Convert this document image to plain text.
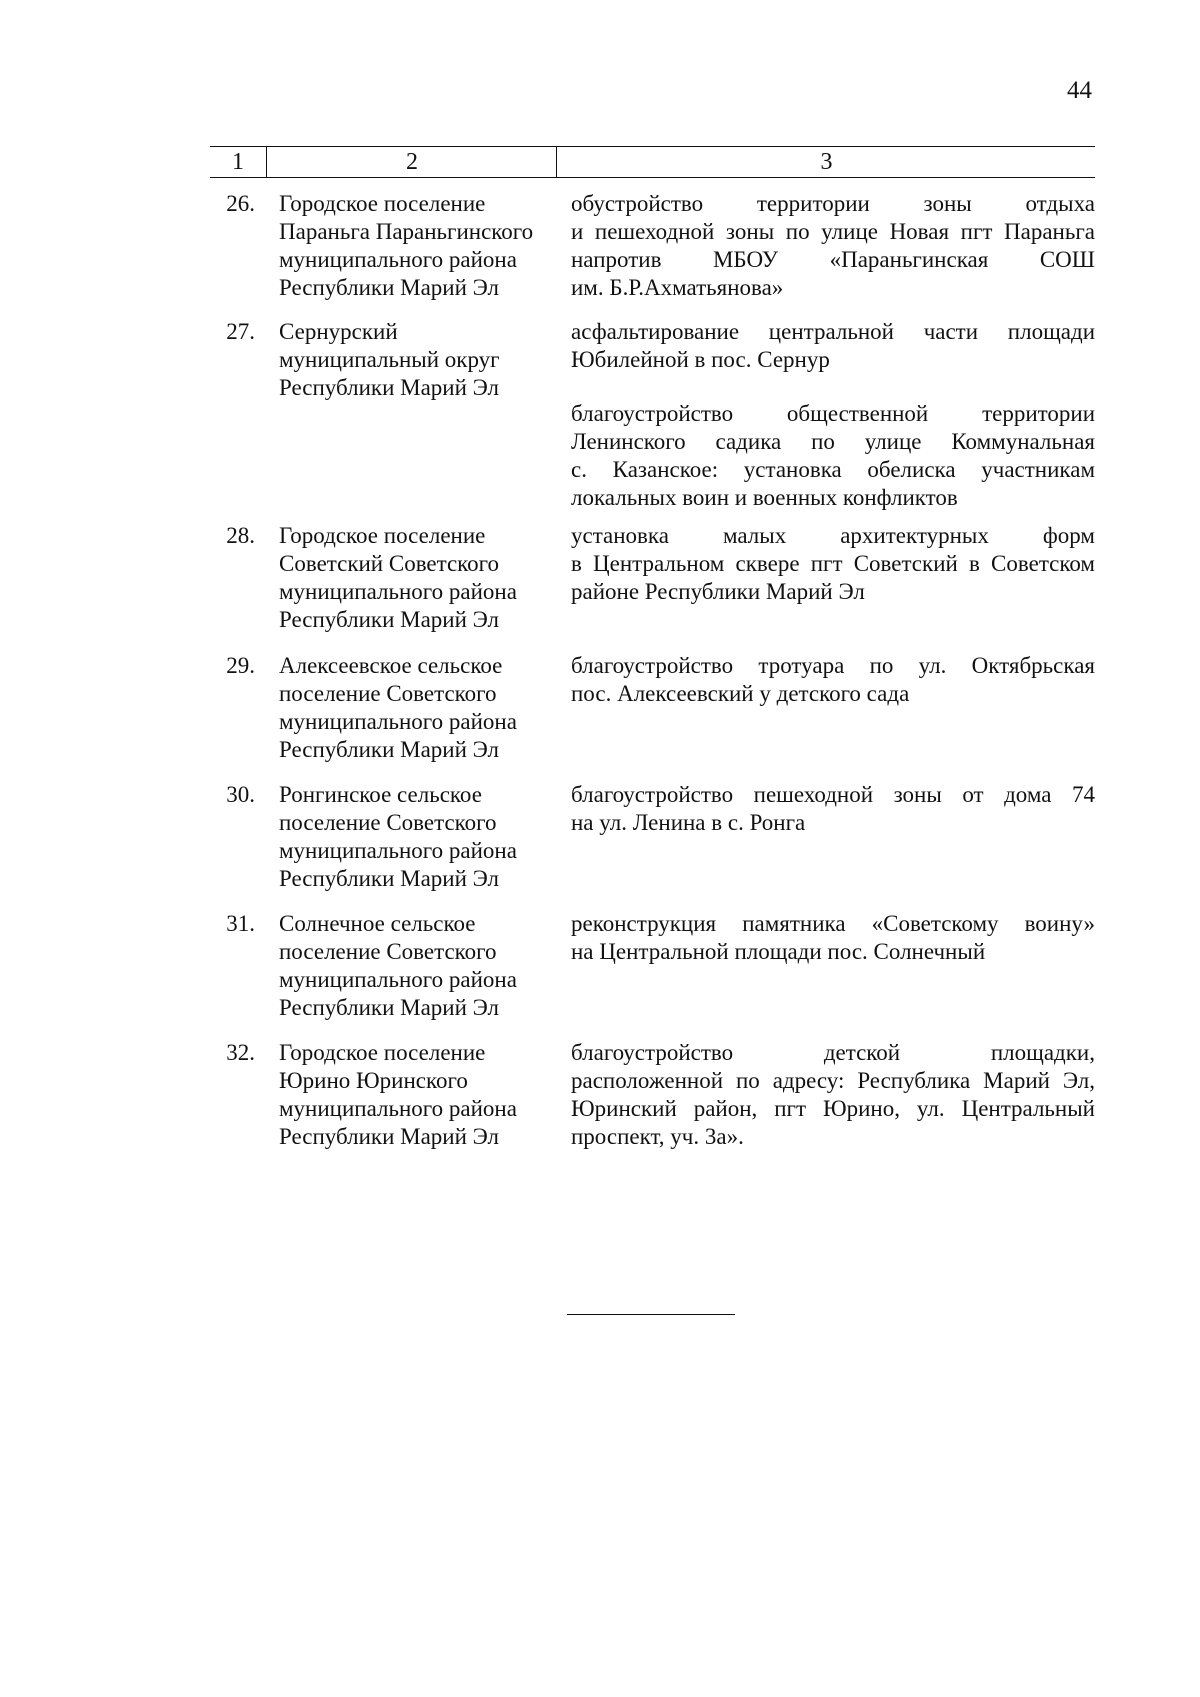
44
1	2	3
26. Городское поселение
Параньга Параньгинского
муниципального района
Республики Марий Эл
обустройство территории зоны отдыха
и пешеходной зоны по улице Новая пгт Параньга
напротив МБОУ «Параньгинская СОШ
им. Б.Р.Ахматьянова»
27. Сернурский
муниципальный округ
Республики Марий Эл
асфальтирование центральной части площади
Юбилейной в пос. Сернур
благоустройство общественной территории
Ленинского садика по улице Коммунальная
с. Казанское: установка обелиска участникам
локальных воин и военных конфликтов
28. Городское поселение
Советский Советского
муниципального района
Республики Марий Эл
установка малых архитектурных форм
в Центральном сквере пгт Советский в Советском
районе Республики Марий Эл
29. Алексеевское сельское
поселение Советского
муниципального района
Республики Марий Эл
благоустройство тротуара по ул. Октябрьская
пос. Алексеевский у детского сада
30. Ронгинское сельское
поселение Советского
муниципального района
Республики Марий Эл
благоустройство пешеходной зоны от дома 74
на ул. Ленина в с. Ронга
31. Солнечное сельское
поселение Советского
муниципального района
Республики Марий Эл
реконструкция памятника «Советскому воину»
на Центральной площади пос. Солнечный
32. Городское поселение
Юрино Юринского
муниципального района
Республики Марий Эл
благоустройство детской площадки,
расположенной по адресу: Республика Марий Эл,
Юринский район, пгт Юрино, ул. Центральный
проспект, уч. 3а».
